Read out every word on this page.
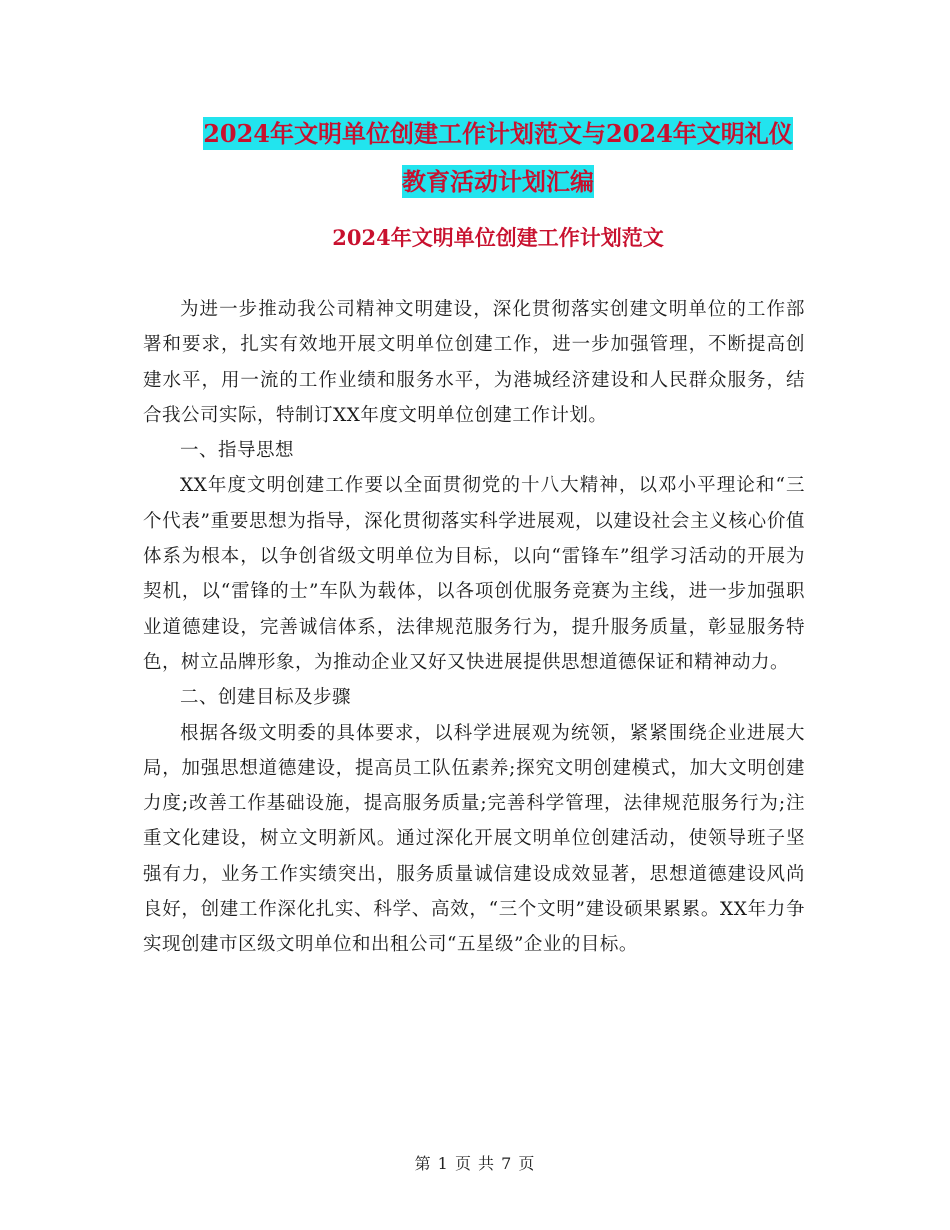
2024年文明单位创建工作计划范文与2024年文明礼仪
教育活动计划汇编
2024年文明单位创建工作计划范文

为进一步推动我公司精神文明建设，深化贯彻落实创建文明单位的工作部署和要求，扎实有效地开展文明单位创建工作，进一步加强管理，不断提高创建水平，用一流的工作业绩和服务水平，为港城经济建设和人民群众服务，结合我公司实际，特制订XX年度文明单位创建工作计划。

一、指导思想

XX年度文明创建工作要以全面贯彻党的十八大精神，以邓小平理论和“三个代表”重要思想为指导，深化贯彻落实科学进展观，以建设社会主义核心价值体系为根本，以争创省级文明单位为目标，以向“雷锋车”组学习活动的开展为契机，以“雷锋的士”车队为载体，以各项创优服务竞赛为主线，进一步加强职业道德建设，完善诚信体系，法律规范服务行为，提升服务质量，彰显服务特色，树立品牌形象，为推动企业又好又快进展提供思想道德保证和精神动力。

二、创建目标及步骤

根据各级文明委的具体要求，以科学进展观为统领，紧紧围绕企业进展大局，加强思想道德建设，提高员工队伍素养;探究文明创建模式，加大文明创建力度;改善工作基础设施，提高服务质量;完善科学管理，法律规范服务行为;注重文化建设，树立文明新风。通过深化开展文明单位创建活动，使领导班子坚强有力，业务工作实绩突出，服务质量诚信建设成效显著，思想道德建设风尚良好，创建工作深化扎实、科学、高效，“三个文明”建设硕果累累。XX年力争实现创建市区级文明单位和出租公司“五星级”企业的目标。

第 1 页 共 7 页
